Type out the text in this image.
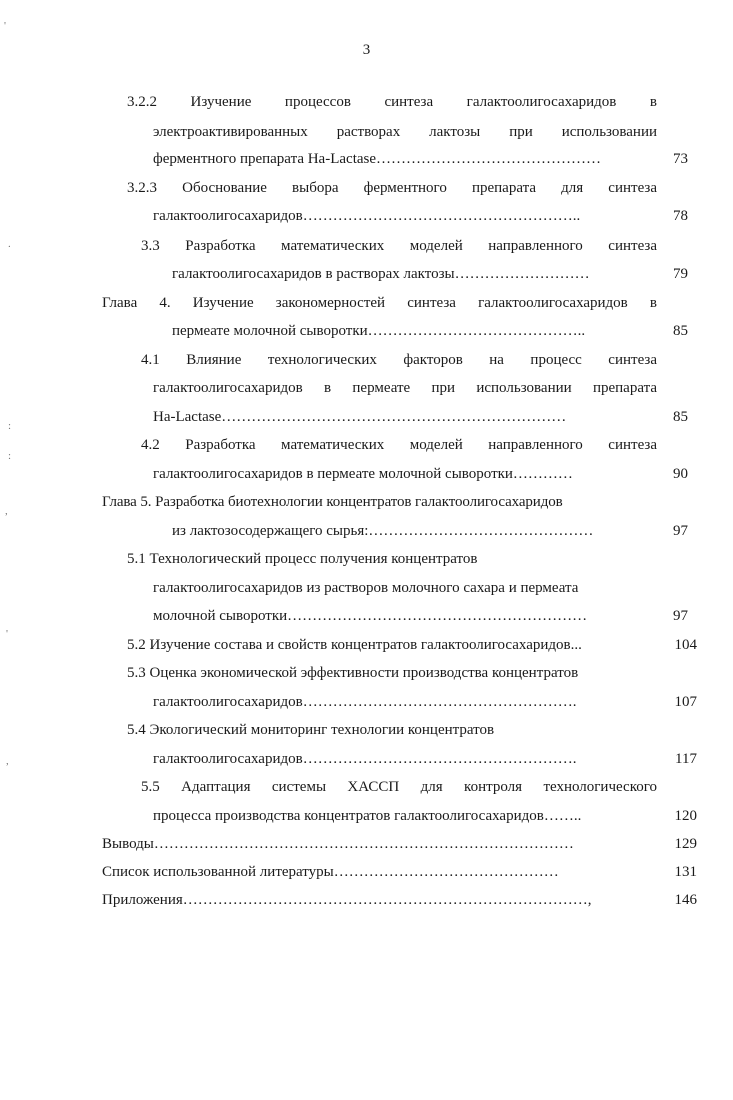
3
3.2.2 Изучение процессов синтеза галактоолигосахаридов в
электроактивированных растворах лактозы при использовании
ферментного препарата Ha-Lactase………………………………………	73
3.2.3 Обоснование выбора ферментного препарата для синтеза
галактоолигосахаридов………………………………………………..	78
3.3 Разработка математических моделей направленного синтеза
галактоолигосахаридов в растворах лактозы………………………	79
Глава 4. Изучение закономерностей синтеза галактоолигосахаридов в
пермеате молочной сыворотки……………………………………..	85
4.1 Влияние технологических факторов на процесс синтеза
галактоолигосахаридов в пермеате при использовании препарата
Ha-Lactase……………………………………………………………	85
4.2 Разработка математических моделей направленного синтеза
галактоолигосахаридов в пермеате молочной сыворотки…………	90
Глава 5. Разработка биотехнологии концентратов галактоолигосахаридов
из лактозосодержащего сырья:………………………………………	97
5.1 Технологический процесс получения концентратов
галактоолигосахаридов из растворов молочного сахара и пермеата
молочной сыворотки……………………………………………………	97
5.2 Изучение состава и свойств концентратов галактоолигосахаридов...	104
5.3 Оценка экономической эффективности производства концентратов
галактоолигосахаридов……………………………………………….	107
5.4 Экологический мониторинг технологии концентратов
галактоолигосахаридов……………………………………………….	117
5.5 Адаптация системы ХАССП для контроля технологического
процесса производства концентратов галактоолигосахаридов……..	120
Выводы…………………………………………………………………………	129
Список использованной литературы………………………………………	131
Приложения………………………………………………………………………,	146
'
.
:
:
,
'
,
